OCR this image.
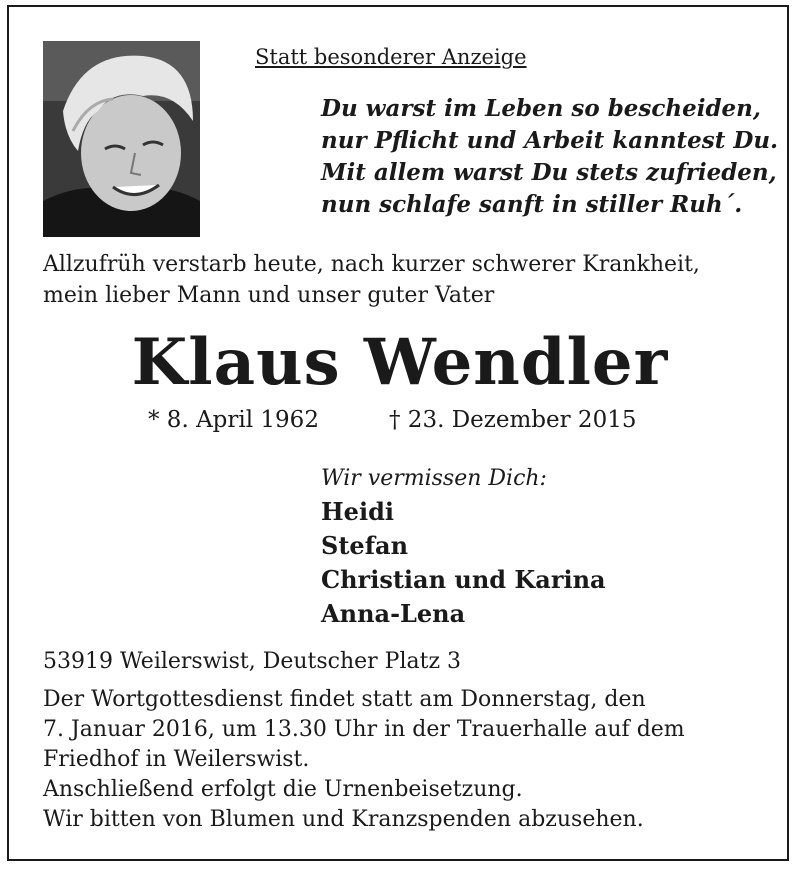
Statt besonderer Anzeige
Du warst im Leben so bescheiden,
nur Pflicht und Arbeit kanntest Du.
Mit allem warst Du stets zufrieden,
nun schlafe sanft in stiller Ruh´.
Allzufrüh verstarb heute, nach kurzer schwerer Krankheit,
mein lieber Mann und unser guter Vater
Klaus Wendler
* 8. April 1962	† 23. Dezember 2015
Wir vermissen Dich:
Heidi
Stefan
Christian und Karina
Anna-Lena
53919 Weilerswist, Deutscher Platz 3
Der Wortgottesdienst findet statt am Donnerstag, den
7. Januar 2016, um 13.30 Uhr in der Trauerhalle auf dem
Friedhof in Weilerswist.
Anschließend erfolgt die Urnenbeisetzung.
Wir bitten von Blumen und Kranzspenden abzusehen.
